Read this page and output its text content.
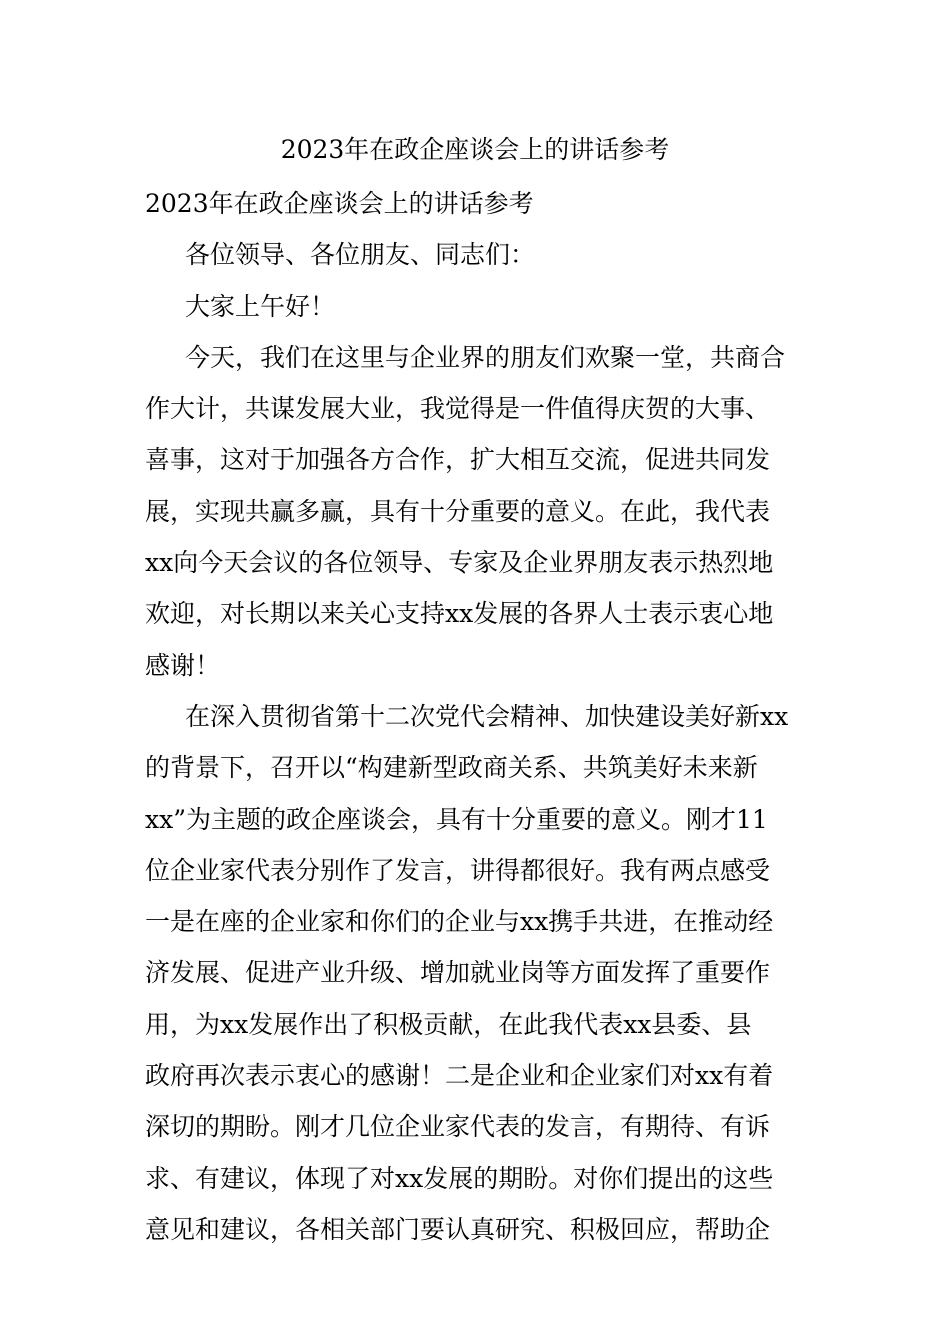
2023年在政企座谈会上的讲话参考
2023年在政企座谈会上的讲话参考
各位领导、各位朋友、同志们：
大家上午好！
今天，我们在这里与企业界的朋友们欢聚一堂，共商合
作大计，共谋发展大业，我觉得是一件值得庆贺的大事、
喜事，这对于加强各方合作，扩大相互交流，促进共同发
展，实现共赢多赢，具有十分重要的意义。在此，我代表
xx向今天会议的各位领导、专家及企业界朋友表示热烈地
欢迎，对长期以来关心支持xx发展的各界人士表示衷心地
感谢！
在深入贯彻省第十二次党代会精神、加快建设美好新xx
的背景下，召开以“构建新型政商关系、共筑美好未来新
xx”为主题的政企座谈会，具有十分重要的意义。刚才11
位企业家代表分别作了发言，讲得都很好。我有两点感受
一是在座的企业家和你们的企业与xx携手共进，在推动经
济发展、促进产业升级、增加就业岗等方面发挥了重要作
用，为xx发展作出了积极贡献，在此我代表xx县委、县
政府再次表示衷心的感谢！二是企业和企业家们对xx有着
深切的期盼。刚才几位企业家代表的发言，有期待、有诉
求、有建议，体现了对xx发展的期盼。对你们提出的这些
意见和建议，各相关部门要认真研究、积极回应，帮助企
